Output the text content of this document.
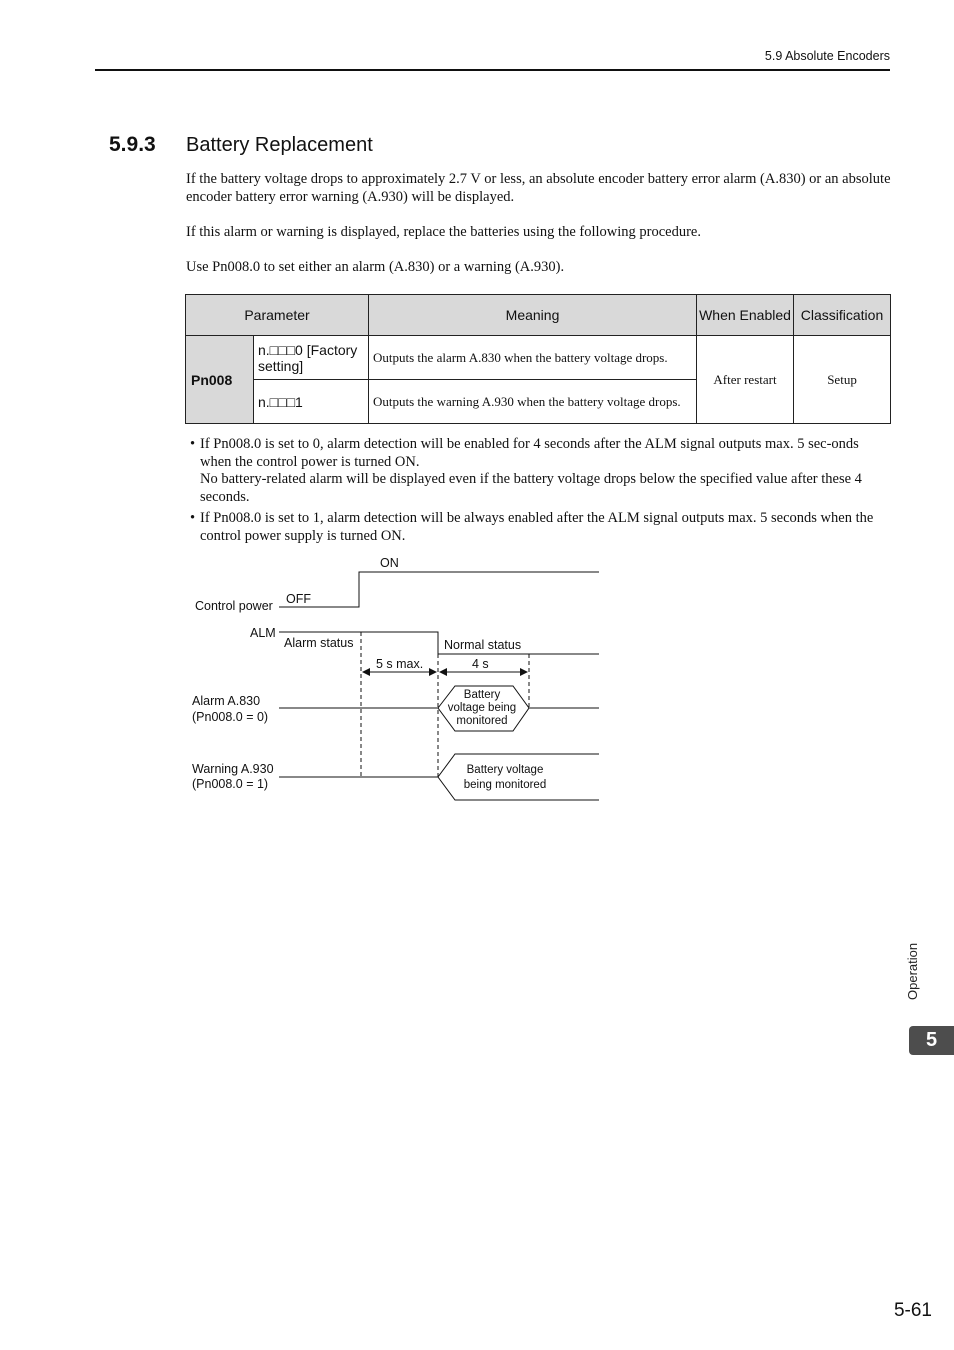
5.9 Absolute Encoders
5.9.3 Battery Replacement
If the battery voltage drops to approximately 2.7 V or less, an absolute encoder battery error alarm (A.830) or an absolute encoder battery error warning (A.930) will be displayed.
If this alarm or warning is displayed, replace the batteries using the following procedure.
Use Pn008.0 to set either an alarm (A.830) or a warning (A.930).
Parameter		Meaning	When Enabled	Classification
Pn008	n.□□□0 [Factory setting]	Outputs the alarm A.830 when the battery voltage drops.	After restart	Setup
	n.□□□1	Outputs the warning A.930 when the battery voltage drops.		
• If Pn008.0 is set to 0, alarm detection will be enabled for 4 seconds after the ALM signal outputs max. 5 sec-onds when the control power is turned ON.
No battery-related alarm will be displayed even if the battery voltage drops below the specified value after these 4 seconds.
• If Pn008.0 is set to 1, alarm detection will be always enabled after the ALM signal outputs max. 5 seconds when the control power supply is turned ON.
ON
OFF
Control power
ALM
Alarm status	Normal status
5 s max.	4 s
Alarm A.830
(Pn008.0 = 0)
Battery
voltage being
monitored
Warning A.930
(Pn008.0 = 1)
Battery voltage
being monitored
Operation
5
5-61
